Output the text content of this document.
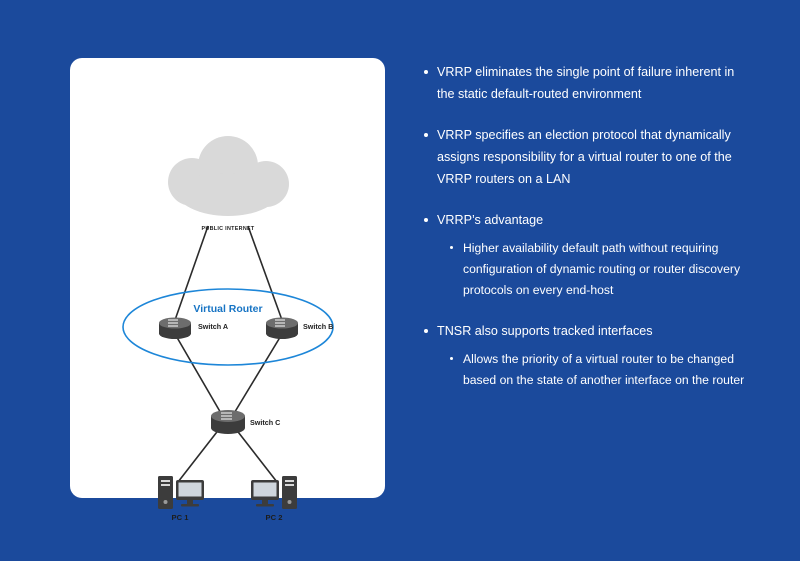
PUBLIC INTERNET
Virtual Router
Switch A	Switch B
Switch C
PC 1	PC 2
VRRP eliminates the single point of failure inherent in the static default-routed environment
VRRP specifies an election protocol that dynamically assigns responsibility for a virtual router to one of the VRRP routers on a LAN
VRRP’s advantage
Higher availability default path without requiring configuration of dynamic routing or router discovery protocols on every end-host
TNSR also supports tracked interfaces
Allows the priority of a virtual router to be changed based on the state of another interface on the router
